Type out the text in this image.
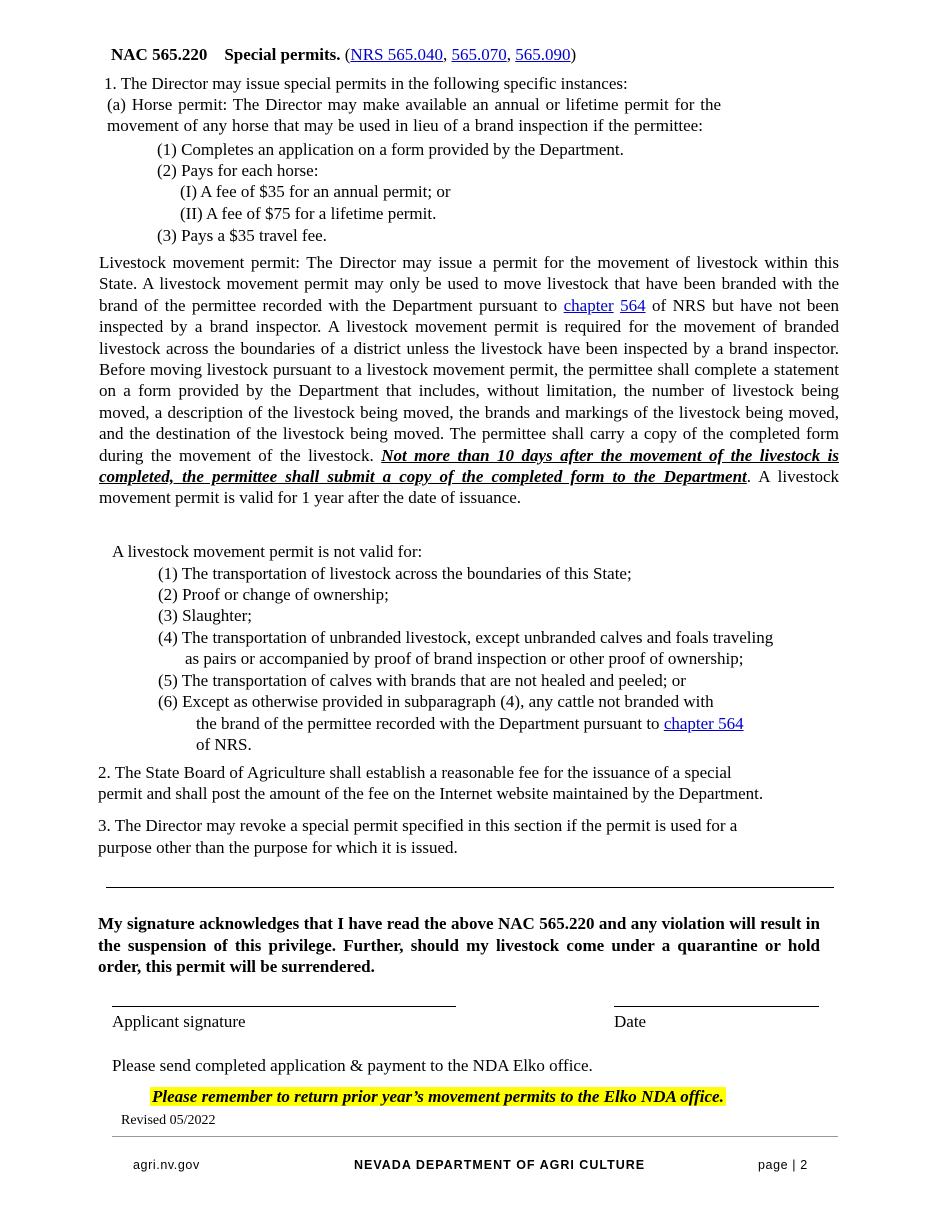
NAC 565.220 Special permits. (NRS 565.040, 565.070, 565.090)
1. The Director may issue special permits in the following specific instances:
(a) Horse permit: The Director may make available an annual or lifetime permit for the
movement of any horse that may be used in lieu of a brand inspection if the permittee:
(1) Completes an application on a form provided by the Department.
(2) Pays for each horse:
(I) A fee of $35 for an annual permit; or
(II) A fee of $75 for a lifetime permit.
(3) Pays a $35 travel fee.
Livestock movement permit: The Director may issue a permit for the movement of livestock within this State. A livestock movement permit may only be used to move livestock that have been branded with the brand of the permittee recorded with the Department pursuant to chapter 564 of NRS but have not been inspected by a brand inspector. A livestock movement permit is required for the movement of branded livestock across the boundaries of a district unless the livestock have been inspected by a brand inspector. Before moving livestock pursuant to a livestock movement permit, the permittee shall complete a statement on a form provided by the Department that includes, without limitation, the number of livestock being moved, a description of the livestock being moved, the brands and markings of the livestock being moved, and the destination of the livestock being moved. The permittee shall carry a copy of the completed form during the movement of the livestock. Not more than 10 days after the movement of the livestock is completed, the permittee shall submit a copy of the completed form to the Department. A livestock movement permit is valid for 1 year after the date of issuance.
A livestock movement permit is not valid for:
(1) The transportation of livestock across the boundaries of this State;
(2) Proof or change of ownership;
(3) Slaughter;
(4) The transportation of unbranded livestock, except unbranded calves and foals traveling
as pairs or accompanied by proof of brand inspection or other proof of ownership;
(5) The transportation of calves with brands that are not healed and peeled; or
(6) Except as otherwise provided in subparagraph (4), any cattle not branded with
the brand of the permittee recorded with the Department pursuant to chapter 564
of NRS.
2. The State Board of Agriculture shall establish a reasonable fee for the issuance of a special
permit and shall post the amount of the fee on the Internet website maintained by the Department.
3. The Director may revoke a special permit specified in this section if the permit is used for a
purpose other than the purpose for which it is issued.
My signature acknowledges that I have read the above NAC 565.220 and any violation will result in the suspension of this privilege. Further, should my livestock come under a quarantine or hold order, this permit will be surrendered.
Applicant signature	Date
Please send completed application & payment to the NDA Elko office.
Please remember to return prior year’s movement permits to the Elko NDA office.
Revised 05/2022
agri.nv.gov	NEVADA DEPARTMENT OF AGRI CULTURE	page | 2
